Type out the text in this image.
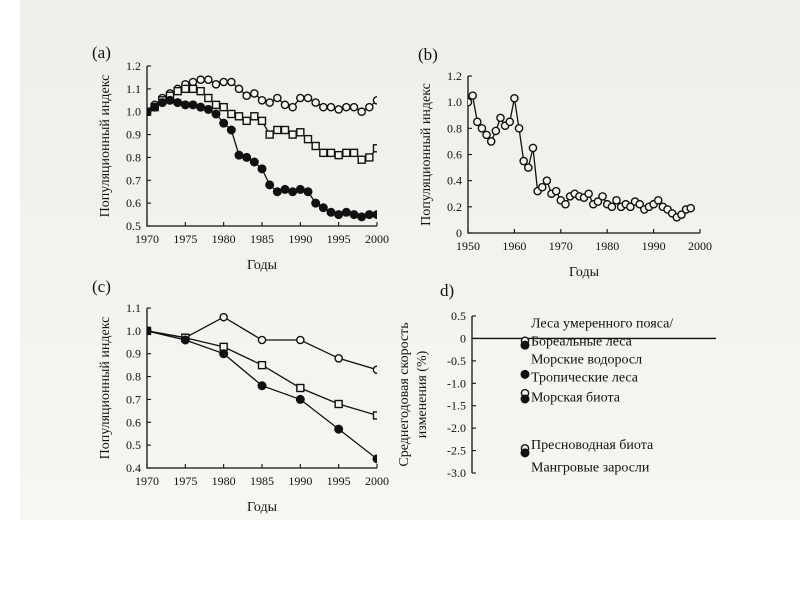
0.5
0.6
0.7
0.8
0.9
1.0
1.1
1.2
1970 1975 1980 1985 1990 1995 2000
Популяционный индекс
Годы
(a)
0
0.2
0.4
0.6
0.8
1.0
1.2
1950 1960 1970 1980 1990 2000
Популяционный индекс
Годы
(b)
0.4
0.5
0.6
0.7
0.8
0.9
1.0
1.1
1970 1975 1980 1985 1990 1995 2000
Популяционный индекс
Годы
(c)
0.5
0
-0.5
-1.0
-1.5
-2.0
-2.5
-3.0
Леса умеренного пояса/
Бореальные леса
Морские водоросл
Тропические леса
Морская биота
Пресноводная биота
Мангровые заросли
Среднегодовая скорость изменения (%)
d)
